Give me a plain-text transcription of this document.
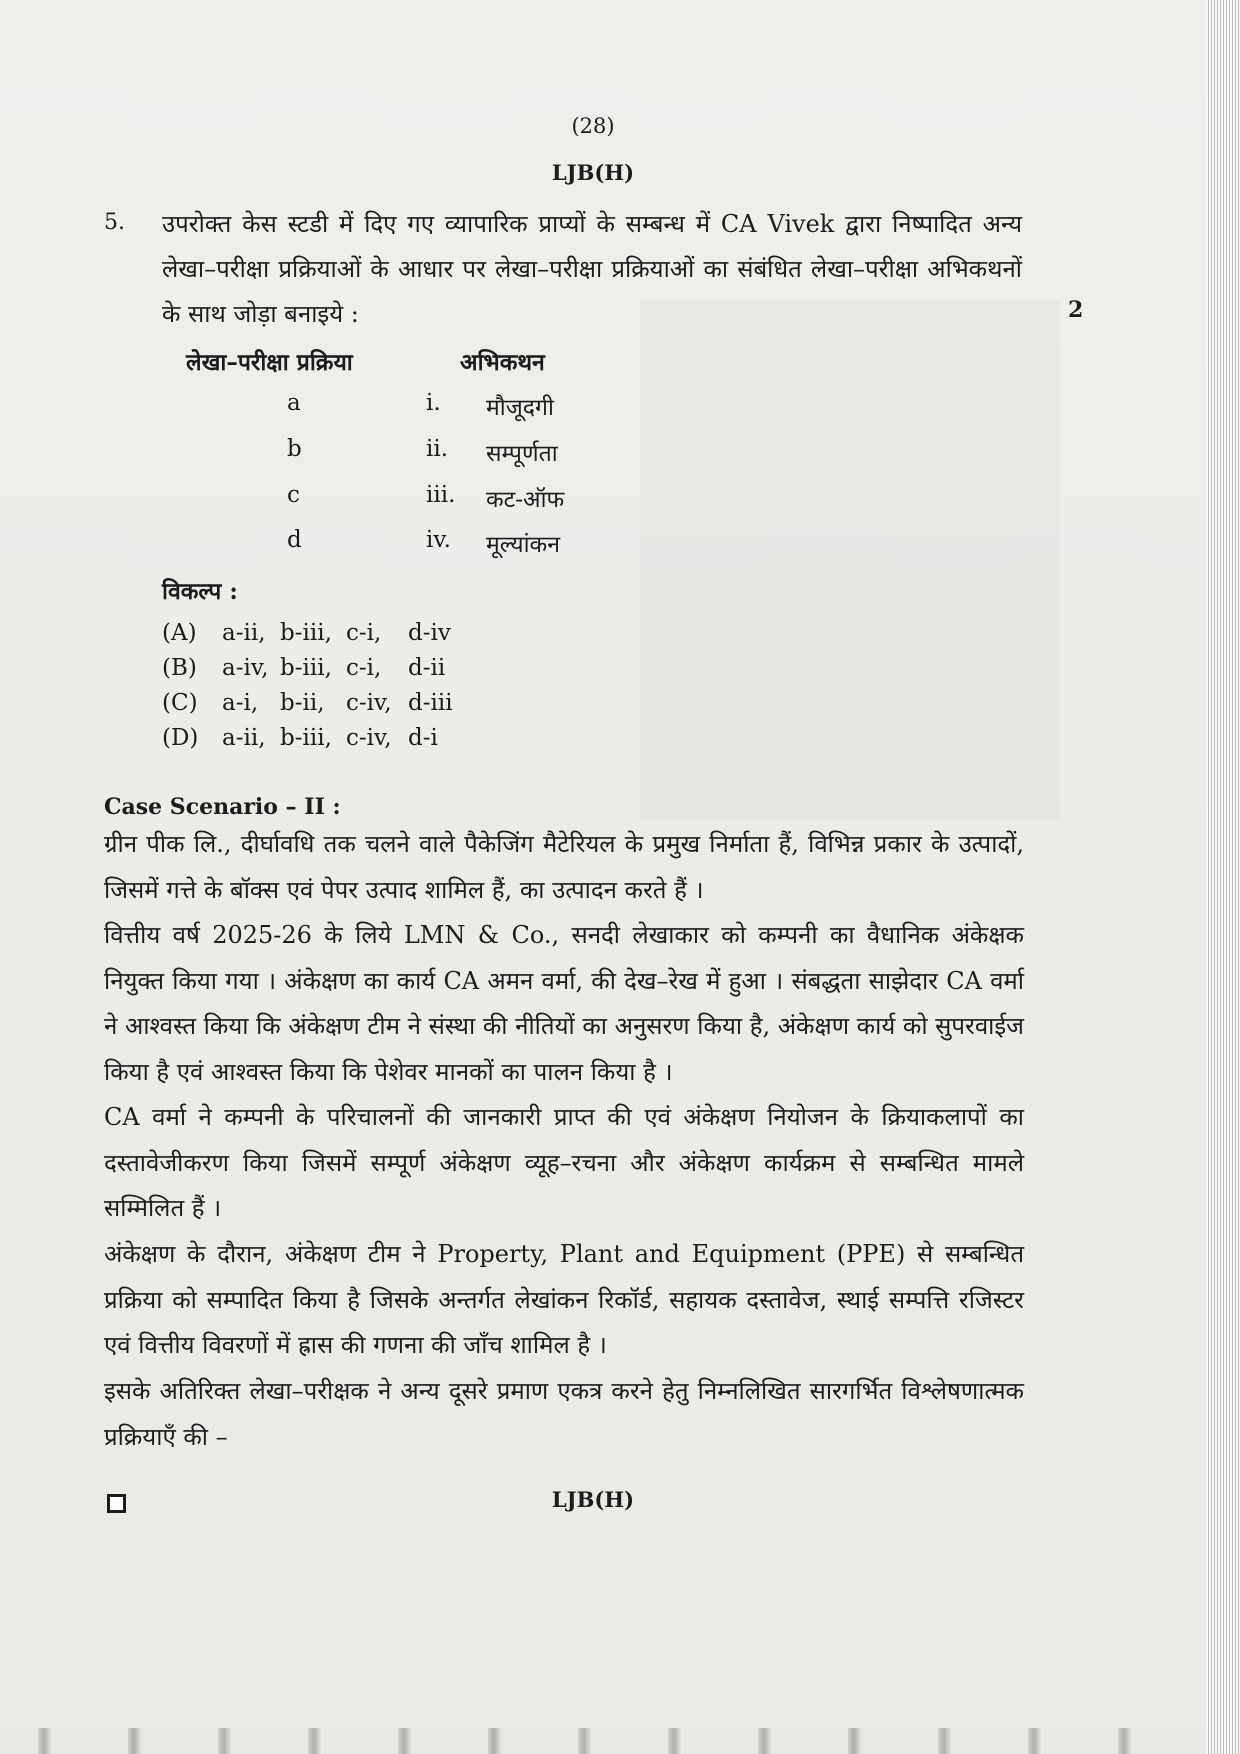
(28)
LJB(H)
5. उपरोक्त केस स्टडी में दिए गए व्यापारिक प्राप्यों के सम्बन्ध में CA Vivek द्वारा निष्पादित अन्य लेखा–परीक्षा प्रक्रियाओं के आधार पर लेखा–परीक्षा प्रक्रियाओं का संबंधित लेखा–परीक्षा अभिकथनों के साथ जोड़ा बनाइये :	2
लेखा–परीक्षा प्रक्रिया	अभिकथन
a	i. मौजूदगी
b	ii. सम्पूर्णता
c	iii. कट-ऑफ
d	iv. मूल्यांकन
विकल्प :
(A) a-ii, b-iii, c-i, d-iv
(B) a-iv, b-iii, c-i, d-ii
(C) a-i, b-ii, c-iv, d-iii
(D) a-ii, b-iii, c-iv, d-i
Case Scenario – II :

ग्रीन पीक लि., दीर्घावधि तक चलने वाले पैकेजिंग मैटेरियल के प्रमुख निर्माता हैं, विभिन्न प्रकार के उत्पादों, जिसमें गत्ते के बॉक्स एवं पेपर उत्पाद शामिल हैं, का उत्पादन करते हैं ।

वित्तीय वर्ष 2025-26 के लिये LMN & Co., सनदी लेखाकार को कम्पनी का वैधानिक अंकेक्षक नियुक्त किया गया । अंकेक्षण का कार्य CA अमन वर्मा, की देख–रेख में हुआ । संबद्धता साझेदार CA वर्मा ने आश्वस्त किया कि अंकेक्षण टीम ने संस्था की नीतियों का अनुसरण किया है, अंकेक्षण कार्य को सुपरवाईज किया है एवं आश्वस्त किया कि पेशेवर मानकों का पालन किया है ।

CA वर्मा ने कम्पनी के परिचालनों की जानकारी प्राप्त की एवं अंकेक्षण नियोजन के क्रियाकलापों का दस्तावेजीकरण किया जिसमें सम्पूर्ण अंकेक्षण व्यूह–रचना और अंकेक्षण कार्यक्रम से सम्बन्धित मामले सम्मिलित हैं ।

अंकेक्षण के दौरान, अंकेक्षण टीम ने Property, Plant and Equipment (PPE) से सम्बन्धित प्रक्रिया को सम्पादित किया है जिसके अन्तर्गत लेखांकन रिकॉर्ड, सहायक दस्तावेज, स्थाई सम्पत्ति रजिस्टर एवं वित्तीय विवरणों में ह्रास की गणना की जाँच शामिल है ।

इसके अतिरिक्त लेखा–परीक्षक ने अन्य दूसरे प्रमाण एकत्र करने हेतु निम्नलिखित सारगर्भित विश्लेषणात्मक प्रक्रियाएँ की –

LJB(H)
